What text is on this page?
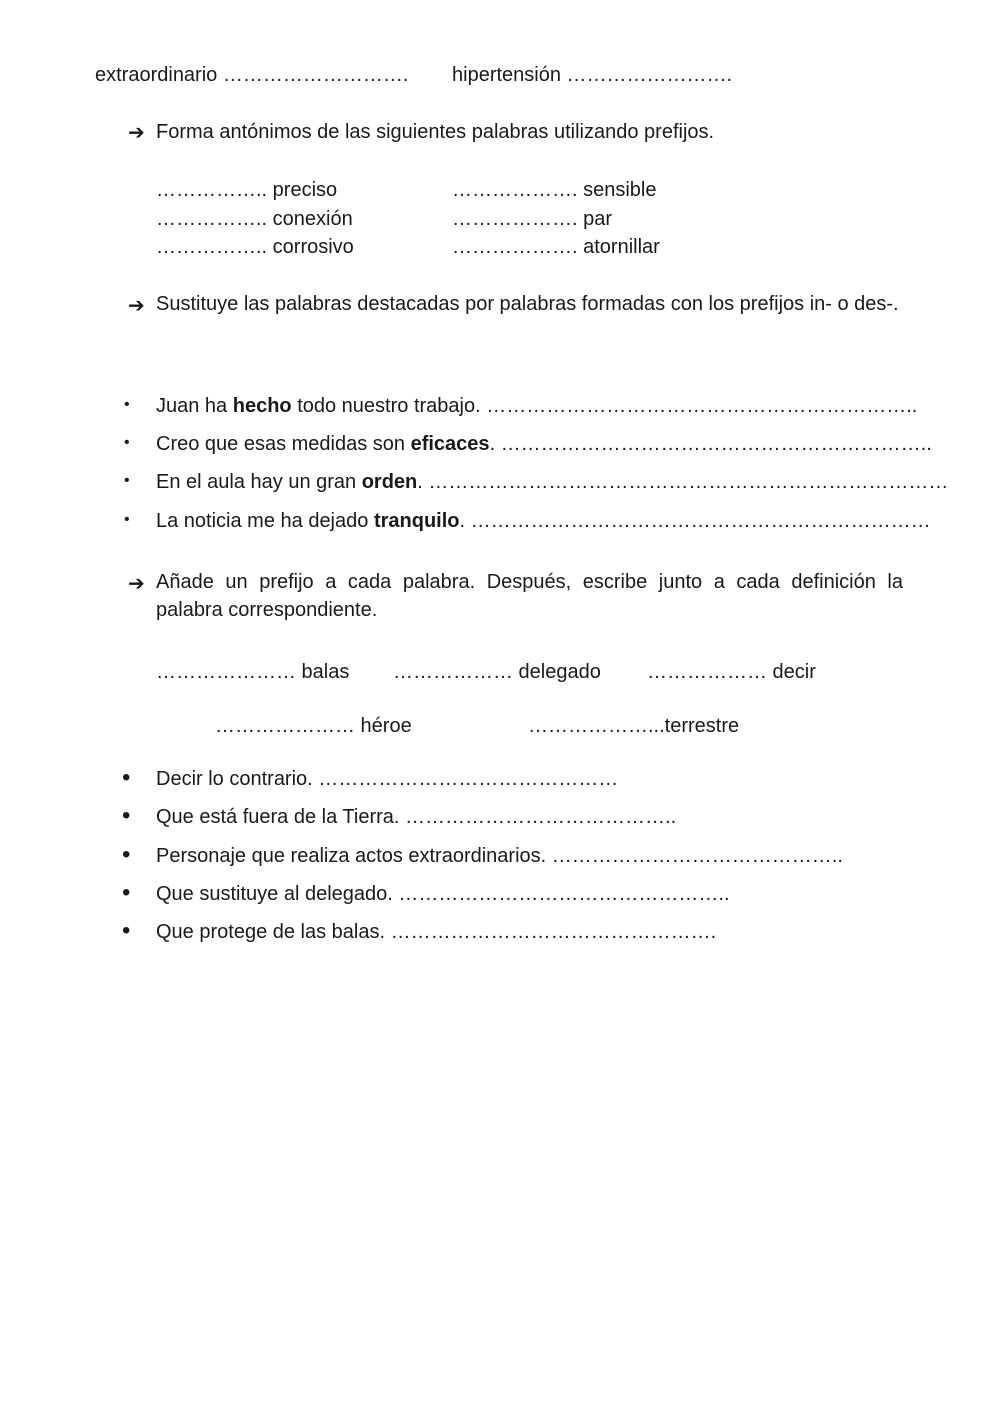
extraordinario ………………………. hipertensión …………………….
➔ Forma antónimos de las siguientes palabras utilizando prefijos.
…………….. preciso
…………….. conexión
…………….. corrosivo
………………. sensible
………………. par
………………. atornillar
➔ Sustituye las palabras destacadas por palabras formadas con los prefijos in- o des-.
• Juan ha hecho todo nuestro trabajo. ………………………………………………………..
• Creo que esas medidas son eficaces. ………………………………………………………..
• En el aula hay un gran orden. ……………………………………………………………………
• La noticia me ha dejado tranquilo. ……………………………………………………………
➔ Añade un prefijo a cada palabra. Después, escribe junto a cada definición la palabra correspondiente.
………………… balas ……………… delegado ……………… decir
………………… héroe	………………...terrestre
• Decir lo contrario. ………………………………………
• Que está fuera de la Tierra. …………………………………..
• Personaje que realiza actos extraordinarios. ……………………………………..
• Que sustituye al delegado. …………………………………………..
• Que protege de las balas. ………………………………………….
